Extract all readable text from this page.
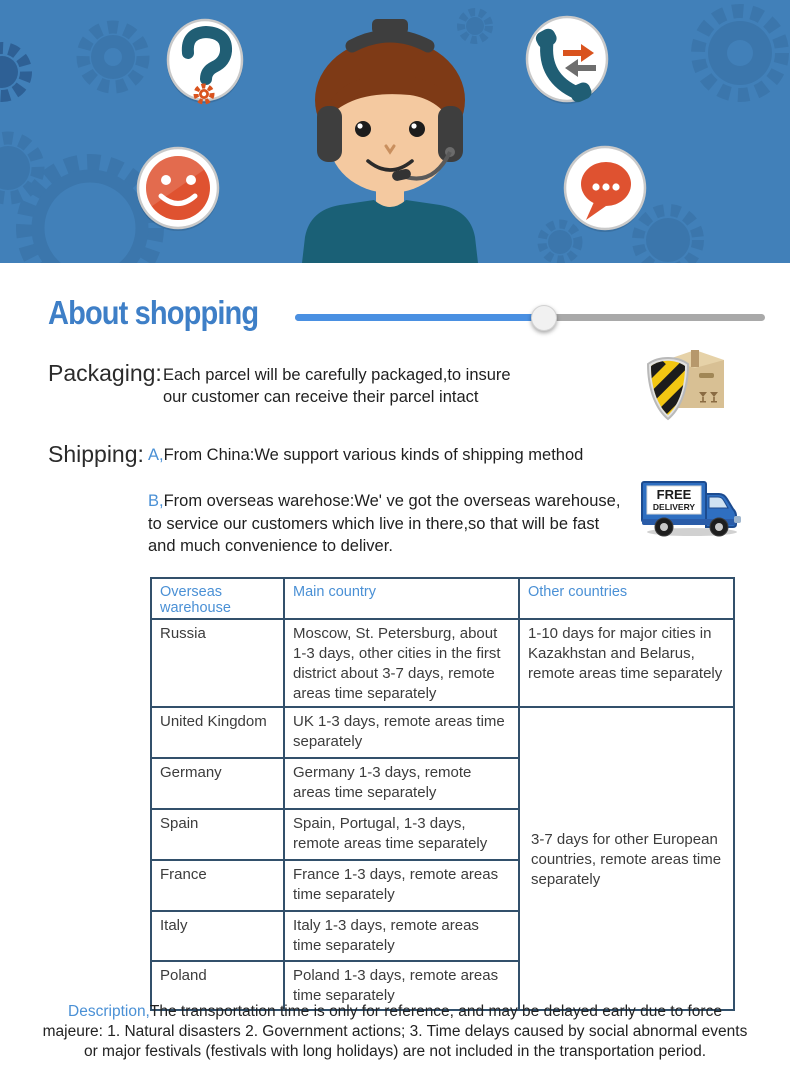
About shopping
Packaging: Each parcel will be carefully packaged,to insure
our customer can receive their parcel intact
Shipping: A,From China:We support various kinds of shipping method
B,From overseas warehose:We' ve got the overseas warehouse,
to service our customers which live in there,so that will be fast
and much convenience to deliver.
FREE
DELIVERY
Overseas warehouse	Main country	Other countries
Russia	Moscow, St. Petersburg, about 1-3 days, other cities in the first district about 3-7 days, remote areas time separately	1-10 days for major cities in Kazakhstan and Belarus, remote areas time separately
United Kingdom	UK 1-3 days, remote areas time separately	3-7 days for other European countries, remote areas time separately
Germany	Germany 1-3 days, remote areas time separately	
Spain	Spain, Portugal, 1-3 days, remote areas time separately	
France	France 1-3 days, remote areas time separately	
Italy	Italy 1-3 days, remote areas time separately	
Poland	Poland 1-3 days, remote areas time separately	
Description,The transportation time is only for reference, and may be delayed early due to force
majeure: 1. Natural disasters 2. Government actions; 3. Time delays caused by social abnormal events
or major festivals (festivals with long holidays) are not included in the transportation period.
